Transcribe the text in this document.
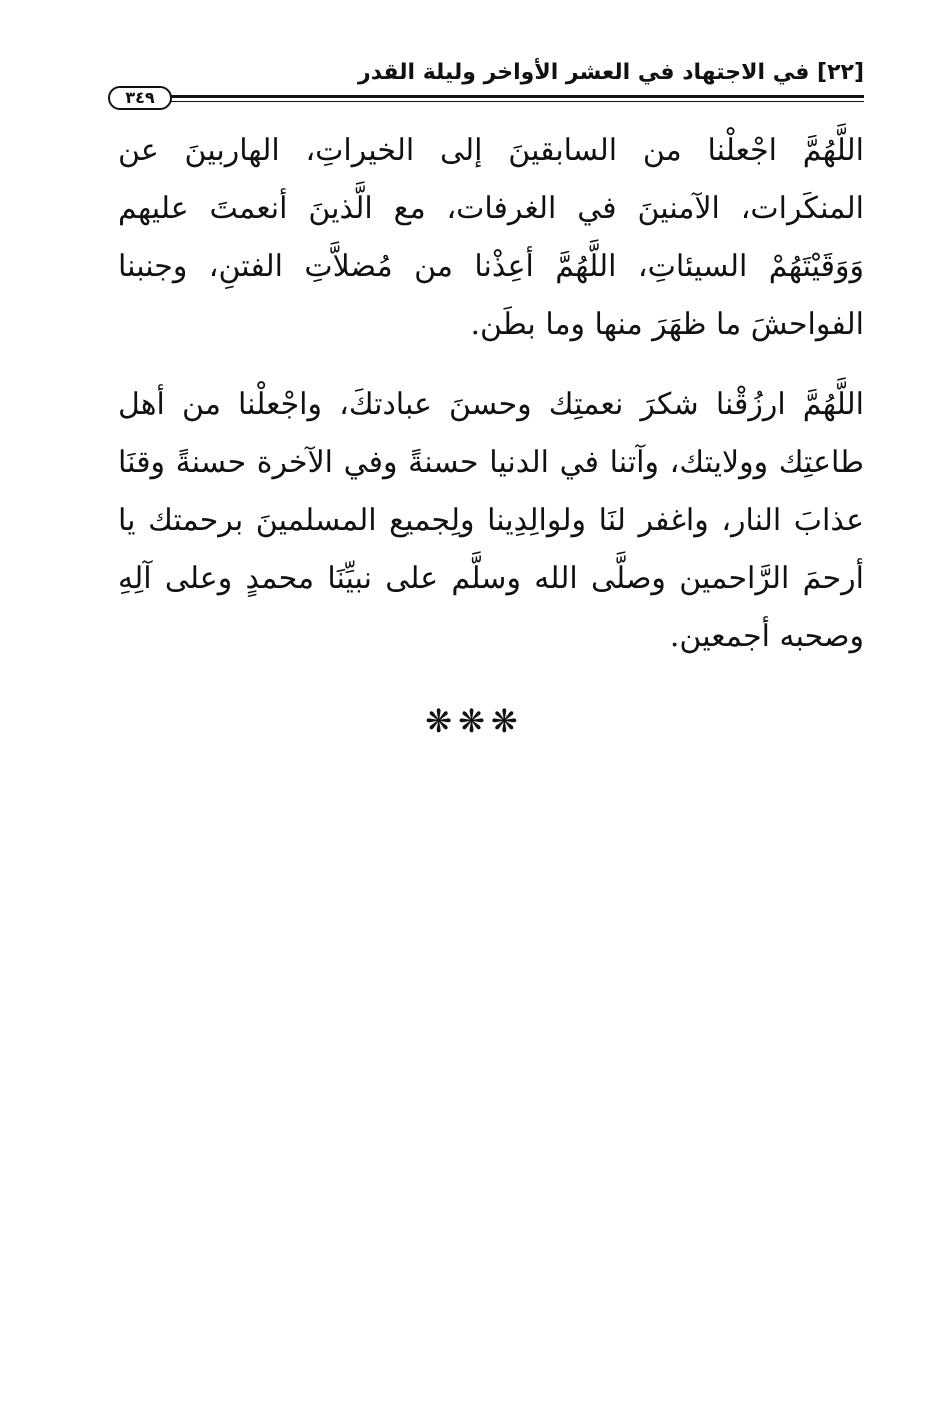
[٢٢] في الاجتهاد في العشر الأواخر وليلة القدر
٣٤٩

اللَّهُمَّ اجْعلْنا من السابقينَ إلى الخيراتِ، الهاربينَ عن المنكَرات، الآمنينَ في الغرفات، مع الَّذينَ أنعمتَ عليهم وَوَقَيْتَهُمْ السيئاتِ، اللَّهُمَّ أعِذْنا من مُضلاَّتِ الفتنِ، وجنبنا الفواحشَ ما ظهَرَ منها وما بطَن.

اللَّهُمَّ ارزُقْنا شكرَ نعمتِك وحسنَ عبادتكَ، واجْعلْنا من أهل طاعتِك وولايتك، وآتنا في الدنيا حسنةً وفي الآخرة حسنةً وقنَا عذابَ النار، واغفر لنَا ولوالِدِينا ولِجميع المسلمينَ برحمتك يا أرحمَ الرَّاحمين وصلَّى الله وسلَّم على نبيِّنَا محمدٍ وعلى آلِهِ وصحبه أجمعين.

❋❋❋
